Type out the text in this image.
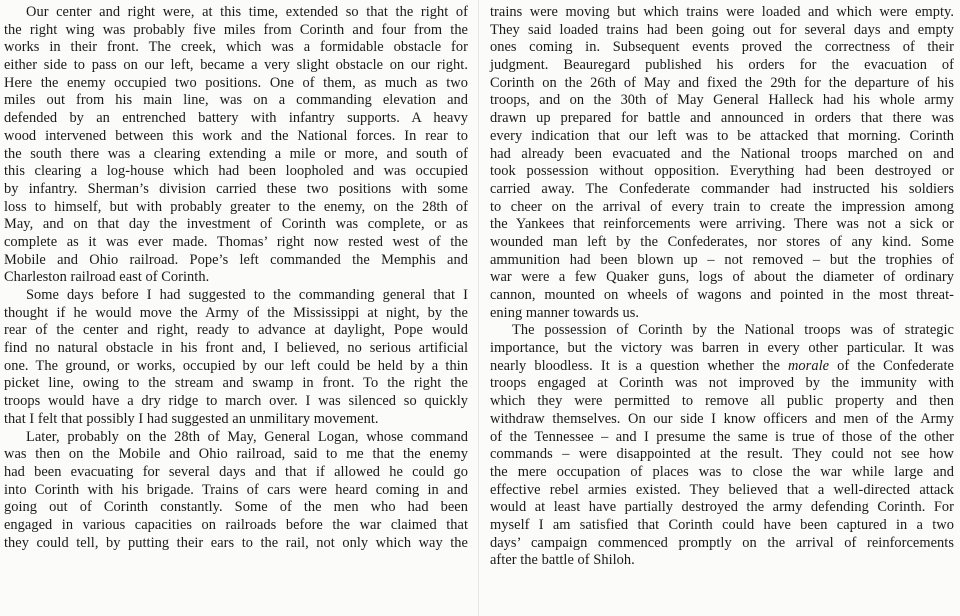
Our center and right were, at this time, extended so that the right of
the right wing was probably five miles from Corinth and four from the
works in their front. The creek, which was a formidable obstacle for
either side to pass on our left, became a very slight obstacle on our right.
Here the enemy occupied two positions. One of them, as much as two
miles out from his main line, was on a commanding elevation and
defended by an entrenched battery with infantry supports. A heavy
wood intervened between this work and the National forces. In rear to
the south there was a clearing extending a mile or more, and south of
this clearing a log-house which had been loopholed and was occupied
by infantry. Sherman’s division carried these two positions with some
loss to himself, but with probably greater to the enemy, on the 28th of
May, and on that day the investment of Corinth was complete, or as
complete as it was ever made. Thomas’ right now rested west of the
Mobile and Ohio railroad. Pope’s left commanded the Memphis and
Charleston railroad east of Corinth.
Some days before I had suggested to the commanding general that I
thought if he would move the Army of the Mississippi at night, by the
rear of the center and right, ready to advance at daylight, Pope would
find no natural obstacle in his front and, I believed, no serious artificial
one. The ground, or works, occupied by our left could be held by a thin
picket line, owing to the stream and swamp in front. To the right the
troops would have a dry ridge to march over. I was silenced so quickly
that I felt that possibly I had suggested an unmilitary movement.
Later, probably on the 28th of May, General Logan, whose command
was then on the Mobile and Ohio railroad, said to me that the enemy
had been evacuating for several days and that if allowed he could go
into Corinth with his brigade. Trains of cars were heard coming in and
going out of Corinth constantly. Some of the men who had been
engaged in various capacities on railroads before the war claimed that
they could tell, by putting their ears to the rail, not only which way the
trains were moving but which trains were loaded and which were empty.
They said loaded trains had been going out for several days and empty
ones coming in. Subsequent events proved the correctness of their
judgment. Beauregard published his orders for the evacuation of
Corinth on the 26th of May and fixed the 29th for the departure of his
troops, and on the 30th of May General Halleck had his whole army
drawn up prepared for battle and announced in orders that there was
every indication that our left was to be attacked that morning. Corinth
had already been evacuated and the National troops marched on and
took possession without opposition. Everything had been destroyed or
carried away. The Confederate commander had instructed his soldiers
to cheer on the arrival of every train to create the impression among
the Yankees that reinforcements were arriving. There was not a sick or
wounded man left by the Confederates, nor stores of any kind. Some
ammunition had been blown up – not removed – but the trophies of
war were a few Quaker guns, logs of about the diameter of ordinary
cannon, mounted on wheels of wagons and pointed in the most threat-
ening manner towards us.
The possession of Corinth by the National troops was of strategic
importance, but the victory was barren in every other particular. It was
nearly bloodless. It is a question whether the morale of the Confederate
troops engaged at Corinth was not improved by the immunity with
which they were permitted to remove all public property and then
withdraw themselves. On our side I know officers and men of the Army
of the Tennessee – and I presume the same is true of those of the other
commands – were disappointed at the result. They could not see how
the mere occupation of places was to close the war while large and
effective rebel armies existed. They believed that a well-directed attack
would at least have partially destroyed the army defending Corinth. For
myself I am satisfied that Corinth could have been captured in a two
days’ campaign commenced promptly on the arrival of reinforcements
after the battle of Shiloh.
